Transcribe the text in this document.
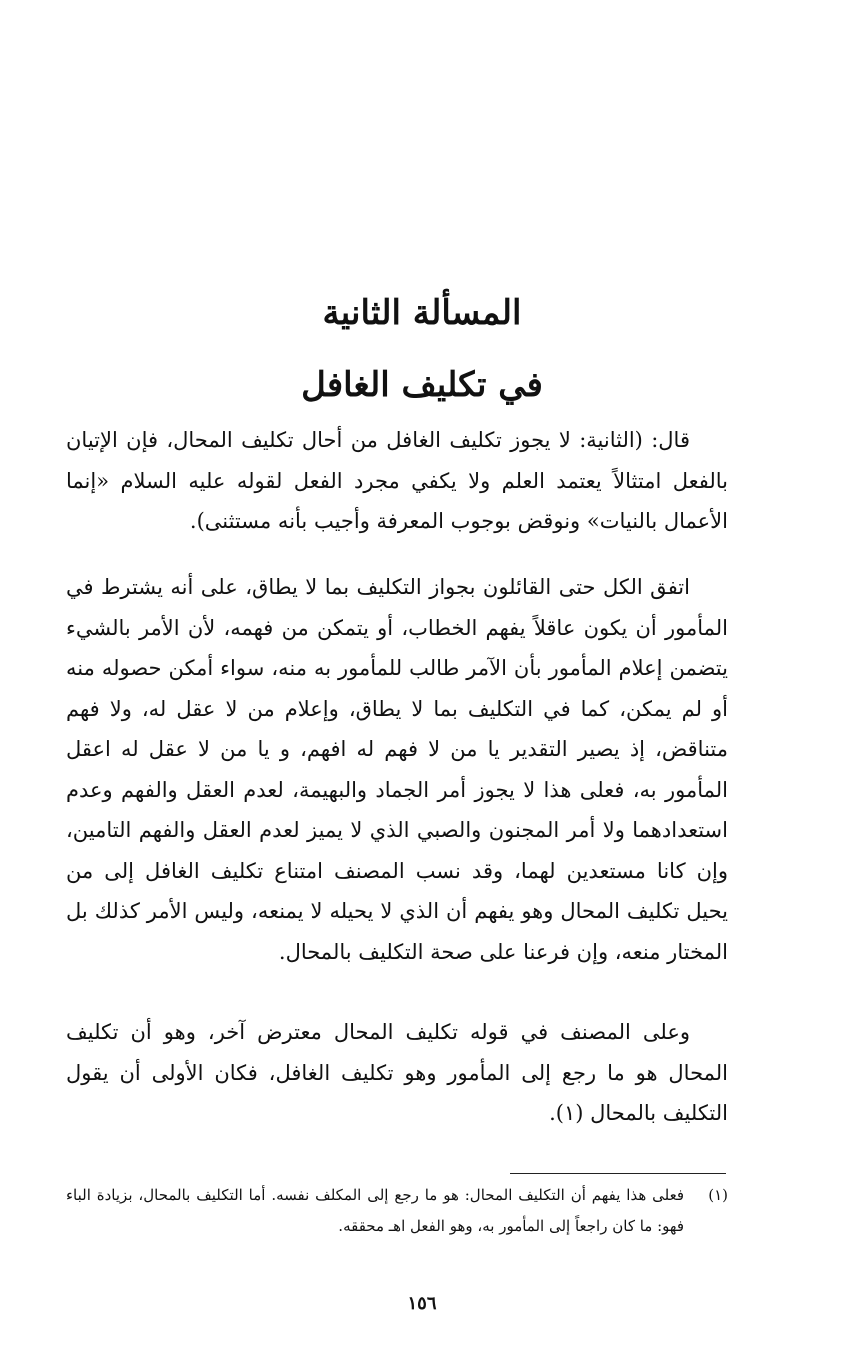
المسألة الثانية
في تكليف الغافل

قال: (الثانية: لا يجوز تكليف الغافل من أحال تكليف المحال، فإن الإتيان بالفعل امتثالاً يعتمد العلم ولا يكفي مجرد الفعل لقوله عليه السلام «إنما الأعمال بالنيات» ونوقض بوجوب المعرفة وأجيب بأنه مستثنى).

اتفق الكل حتى القائلون بجواز التكليف بما لا يطاق، على أنه يشترط في المأمور أن يكون عاقلاً يفهم الخطاب، أو يتمكن من فهمه، لأن الأمر بالشيء يتضمن إعلام المأمور بأن الآمر طالب للمأمور به منه، سواء أمكن حصوله منه أو لم يمكن، كما في التكليف بما لا يطاق، وإعلام من لا عقل له، ولا فهم متناقض، إذ يصير التقدير يا من لا فهم له افهم، و يا من لا عقل له اعقل المأمور به، فعلى هذا لا يجوز أمر الجماد والبهيمة، لعدم العقل والفهم وعدم استعدادهما ولا أمر المجنون والصبي الذي لا يميز لعدم العقل والفهم التامين، وإن كانا مستعدين لهما، وقد نسب المصنف امتناع تكليف الغافل إلى من يحيل تكليف المحال وهو يفهم أن الذي لا يحيله لا يمنعه، وليس الأمر كذلك بل المختار منعه، وإن فرعنا على صحة التكليف بالمحال.

وعلى المصنف في قوله تكليف المحال معترض آخر، وهو أن تكليف المحال هو ما رجع إلى المأمور وهو تكليف الغافل، فكان الأولى أن يقول التكليف بالمحال (١).

(١)
فعلى هذا يفهم أن التكليف المحال: هو ما رجع إلى المكلف نفسه. أما التكليف بالمحال، بزيادة الباء فهو: ما كان راجعاً إلى المأمور به، وهو الفعل اهـ محققه.
١٥٦
